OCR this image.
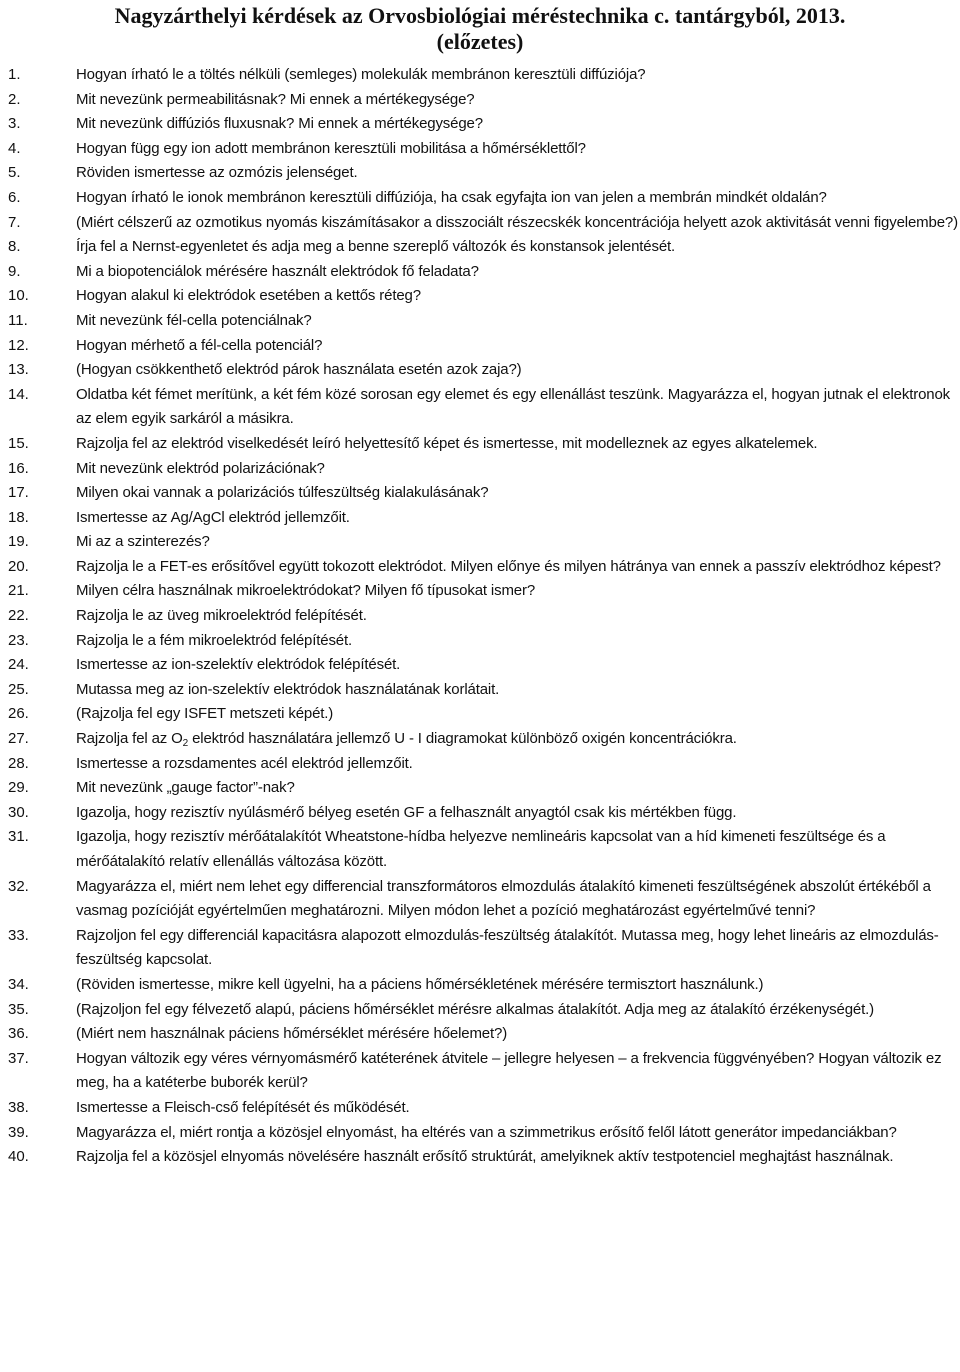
Nagyzárthelyi kérdések az Orvosbiológiai méréstechnika c. tantárgyból, 2013.
(előzetes)
1.	Hogyan írható le a töltés nélküli (semleges) molekulák membránon keresztüli diffúziója?
2.	Mit nevezünk permeabilitásnak? Mi ennek a mértékegysége?
3.	Mit nevezünk diffúziós fluxusnak? Mi ennek a mértékegysége?
4.	Hogyan függ egy ion adott membránon keresztüli mobilitása a hőmérséklettől?
5.	Röviden ismertesse az ozmózis jelenséget.
6.	Hogyan írható le ionok membránon keresztüli diffúziója, ha csak egyfajta ion van jelen a membrán mindkét oldalán?
7.	(Miért célszerű az ozmotikus nyomás kiszámításakor a disszociált részecskék koncentrációja helyett azok aktivitását venni figyelembe?)
8.	Írja fel a Nernst-egyenletet és adja meg a benne szereplő változók és konstansok jelentését.
9.	Mi a biopotenciálok mérésére használt elektródok fő feladata?
10.	Hogyan alakul ki elektródok esetében a kettős réteg?
11.	Mit nevezünk fél-cella potenciálnak?
12.	Hogyan mérhető a fél-cella potenciál?
13.	(Hogyan csökkenthető elektród párok használata esetén azok zaja?)
14.	Oldatba két fémet merítünk, a két fém közé sorosan egy elemet és egy ellenállást teszünk. Magyarázza el, hogyan jutnak el elektronok az elem egyik sarkáról a másikra.
15.	Rajzolja fel az elektród viselkedését leíró helyettesítő képet és ismertesse, mit modelleznek az egyes alkatelemek.
16.	Mit nevezünk elektród polarizációnak?
17.	Milyen okai vannak a polarizációs túlfeszültség kialakulásának?
18.	Ismertesse az Ag/AgCl elektród jellemzőit.
19.	Mi az a szinterezés?
20.	Rajzolja le a FET-es erősítővel együtt tokozott elektródot. Milyen előnye és milyen hátránya van ennek a passzív elektródhoz képest?
21.	Milyen célra használnak mikroelektródokat? Milyen fő típusokat ismer?
22.	Rajzolja le az üveg mikroelektród felépítését.
23.	Rajzolja le a fém mikroelektród felépítését.
24.	Ismertesse az ion-szelektív elektródok felépítését.
25.	Mutassa meg az ion-szelektív elektródok használatának korlátait.
26.	(Rajzolja fel egy ISFET metszeti képét.)
27.	Rajzolja fel az $O_2$ elektród használatára jellemző U - I diagramokat különböző oxigén koncentrációkra.
28.	Ismertesse a rozsdamentes acél elektród jellemzőit.
29.	Mit nevezünk „gauge factor”-nak?
30.	Igazolja, hogy rezisztív nyúlásmérő bélyeg esetén GF a felhasznált anyagtól csak kis mértékben függ.
31.	Igazolja, hogy rezisztív mérőátalakítót Wheatstone-hídba helyezve nemlineáris kapcsolat van a híd kimeneti feszültsége és a mérőátalakító relatív ellenállás változása között.
32.	Magyarázza el, miért nem lehet egy differencial transzformátoros elmozdulás átalakító kimeneti feszültségének abszolút értékéből a vasmag pozícióját egyértelműen meghatározni. Milyen módon lehet a pozíció meghatározást egyértelművé tenni?
33.	Rajzoljon fel egy differenciál kapacitásra alapozott elmozdulás-feszültség átalakítót. Mutassa meg, hogy lehet lineáris az elmozdulás-feszültség kapcsolat.
34.	(Röviden ismertesse, mikre kell ügyelni, ha a páciens hőmérsékletének mérésére termisztort használunk.)
35.	(Rajzoljon fel egy félvezető alapú, páciens hőmérséklet mérésre alkalmas átalakítót. Adja meg az átalakító érzékenységét.)
36.	(Miért nem használnak páciens hőmérséklet mérésére hőelemet?)
37.	Hogyan változik egy véres vérnyomásmérő katéterének átvitele – jellegre helyesen – a frekvencia függvényében? Hogyan változik ez meg, ha a katéterbe buborék kerül?
38.	Ismertesse a Fleisch-cső felépítését és működését.
39.	Magyarázza el, miért rontja a közösjel elnyomást, ha eltérés van a szimmetrikus erősítő felől látott generátor impedanciákban?
40.	Rajzolja fel a közösjel elnyomás növelésére használt erősítő struktúrát, amelyiknek aktív testpotenciel meghajtást használnak.
